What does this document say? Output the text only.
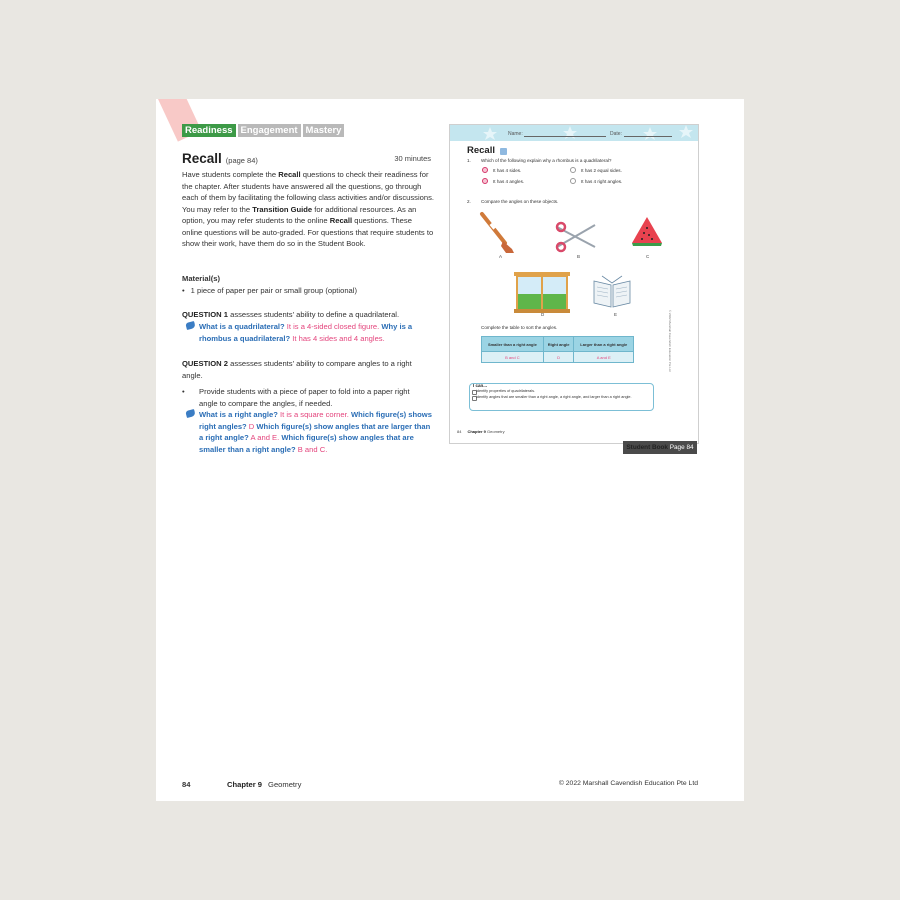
Readiness Engagement Mastery
Recall (page 84)	30 minutes
Have students complete the Recall questions to check their readiness for the chapter. After students have answered all the questions, go through each of them by facilitating the following class activities and/or discussions. You may refer to the Transition Guide for additional resources. As an option, you may refer students to the online Recall questions. These online questions will be auto-graded. For questions that require students to show their work, have them do so in the Student Book.
Material(s)
• 1 piece of paper per pair or small group (optional)
QUESTION 1 assesses students’ ability to define a quadrilateral.
What is a quadrilateral? It is a 4-sided closed figure. Why is a rhombus a quadrilateral? It has 4 sides and 4 angles.
QUESTION 2 assesses students’ ability to compare angles to a right angle.
• Provide students with a piece of paper to fold into a paper right angle to compare the angles, if needed.
What is a right angle? It is a square corner. Which figure(s) shows right angles? D Which figure(s) show angles that are larger than a right angle? A and E. Which figure(s) show angles that are smaller than a right angle? B and C.
Name:	Date:
Recall
1. Which of the following explain why a rhombus is a quadrilateral?
It has 4 sides.	It has 2 equal sides.
It has 4 angles.	It has 4 right angles.
2. Compare the angles on these objects.
A	B	C
D	E
Complete the table to sort the angles.
Smaller than a right angle	Right angle	Larger than a right angle
B and C	D	A and E
I can...
identify properties of quadrilaterals.
identify angles that are smaller than a right angle, a right angle, and larger than a right angle.
© 2022 Marshall Cavendish Education Pte Ltd
84 Chapter 9 Geometry
Student Book Page 84
84	Chapter 9 Geometry	© 2022 Marshall Cavendish Education Pte Ltd
